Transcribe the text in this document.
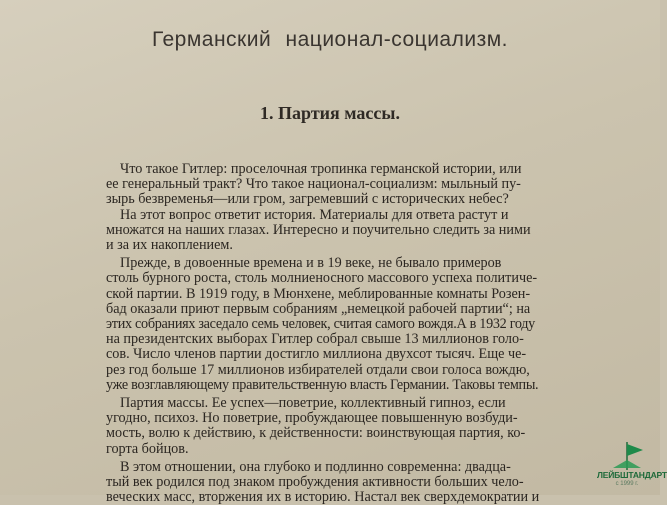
Германский национал-социализм.
1. Партия массы.
Что такое Гитлер: проселочная тропинка германской истории, или
ее генеральный тракт? Что такое национал-социализм: мыльный пу-
зырь безвременья—или гром, загремевший с исторических небес?
На этот вопрос ответит история. Материалы для ответа растут и
множатся на наших глазах. Интересно и поучительно следить за ними
и за их накоплением.
Прежде, в довоенные времена и в 19 веке, не бывало примеров
столь бурного роста, столь молниеносного массового успеха политиче-
ской партии. В 1919 году, в Мюнхене, меблированные комнаты Розен-
бад оказали приют первым собраниям „немецкой рабочей партии“; на
этих собраниях заседало семь человек, считая самого вождя.А в 1932 году
на президентских выборах Гитлер собрал свыше 13 миллионов голо-
сов. Число членов партии достигло миллиона двухсот тысяч. Еще че-
рез год больше 17 миллионов избирателей отдали свои голоса вождю,
уже возглавляющему правительственную власть Германии. Таковы темпы.
Партия массы. Ее успех—поветрие, коллективный гипноз, если
угодно, психоз. Но поветрие, пробуждающее повышенную возбуди-
мость, волю к действию, к действенности: воинствующая партия, ко-
горта бойцов.
В этом отношении, она глубоко и подлинно современна: двадца-
тый век родился под знаком пробуждения активности больших чело-
веческих масс, вторжения их в историю. Настал век сверхдемократии и
ЛЕЙБШТАНДАРТ
с 1999 г.
